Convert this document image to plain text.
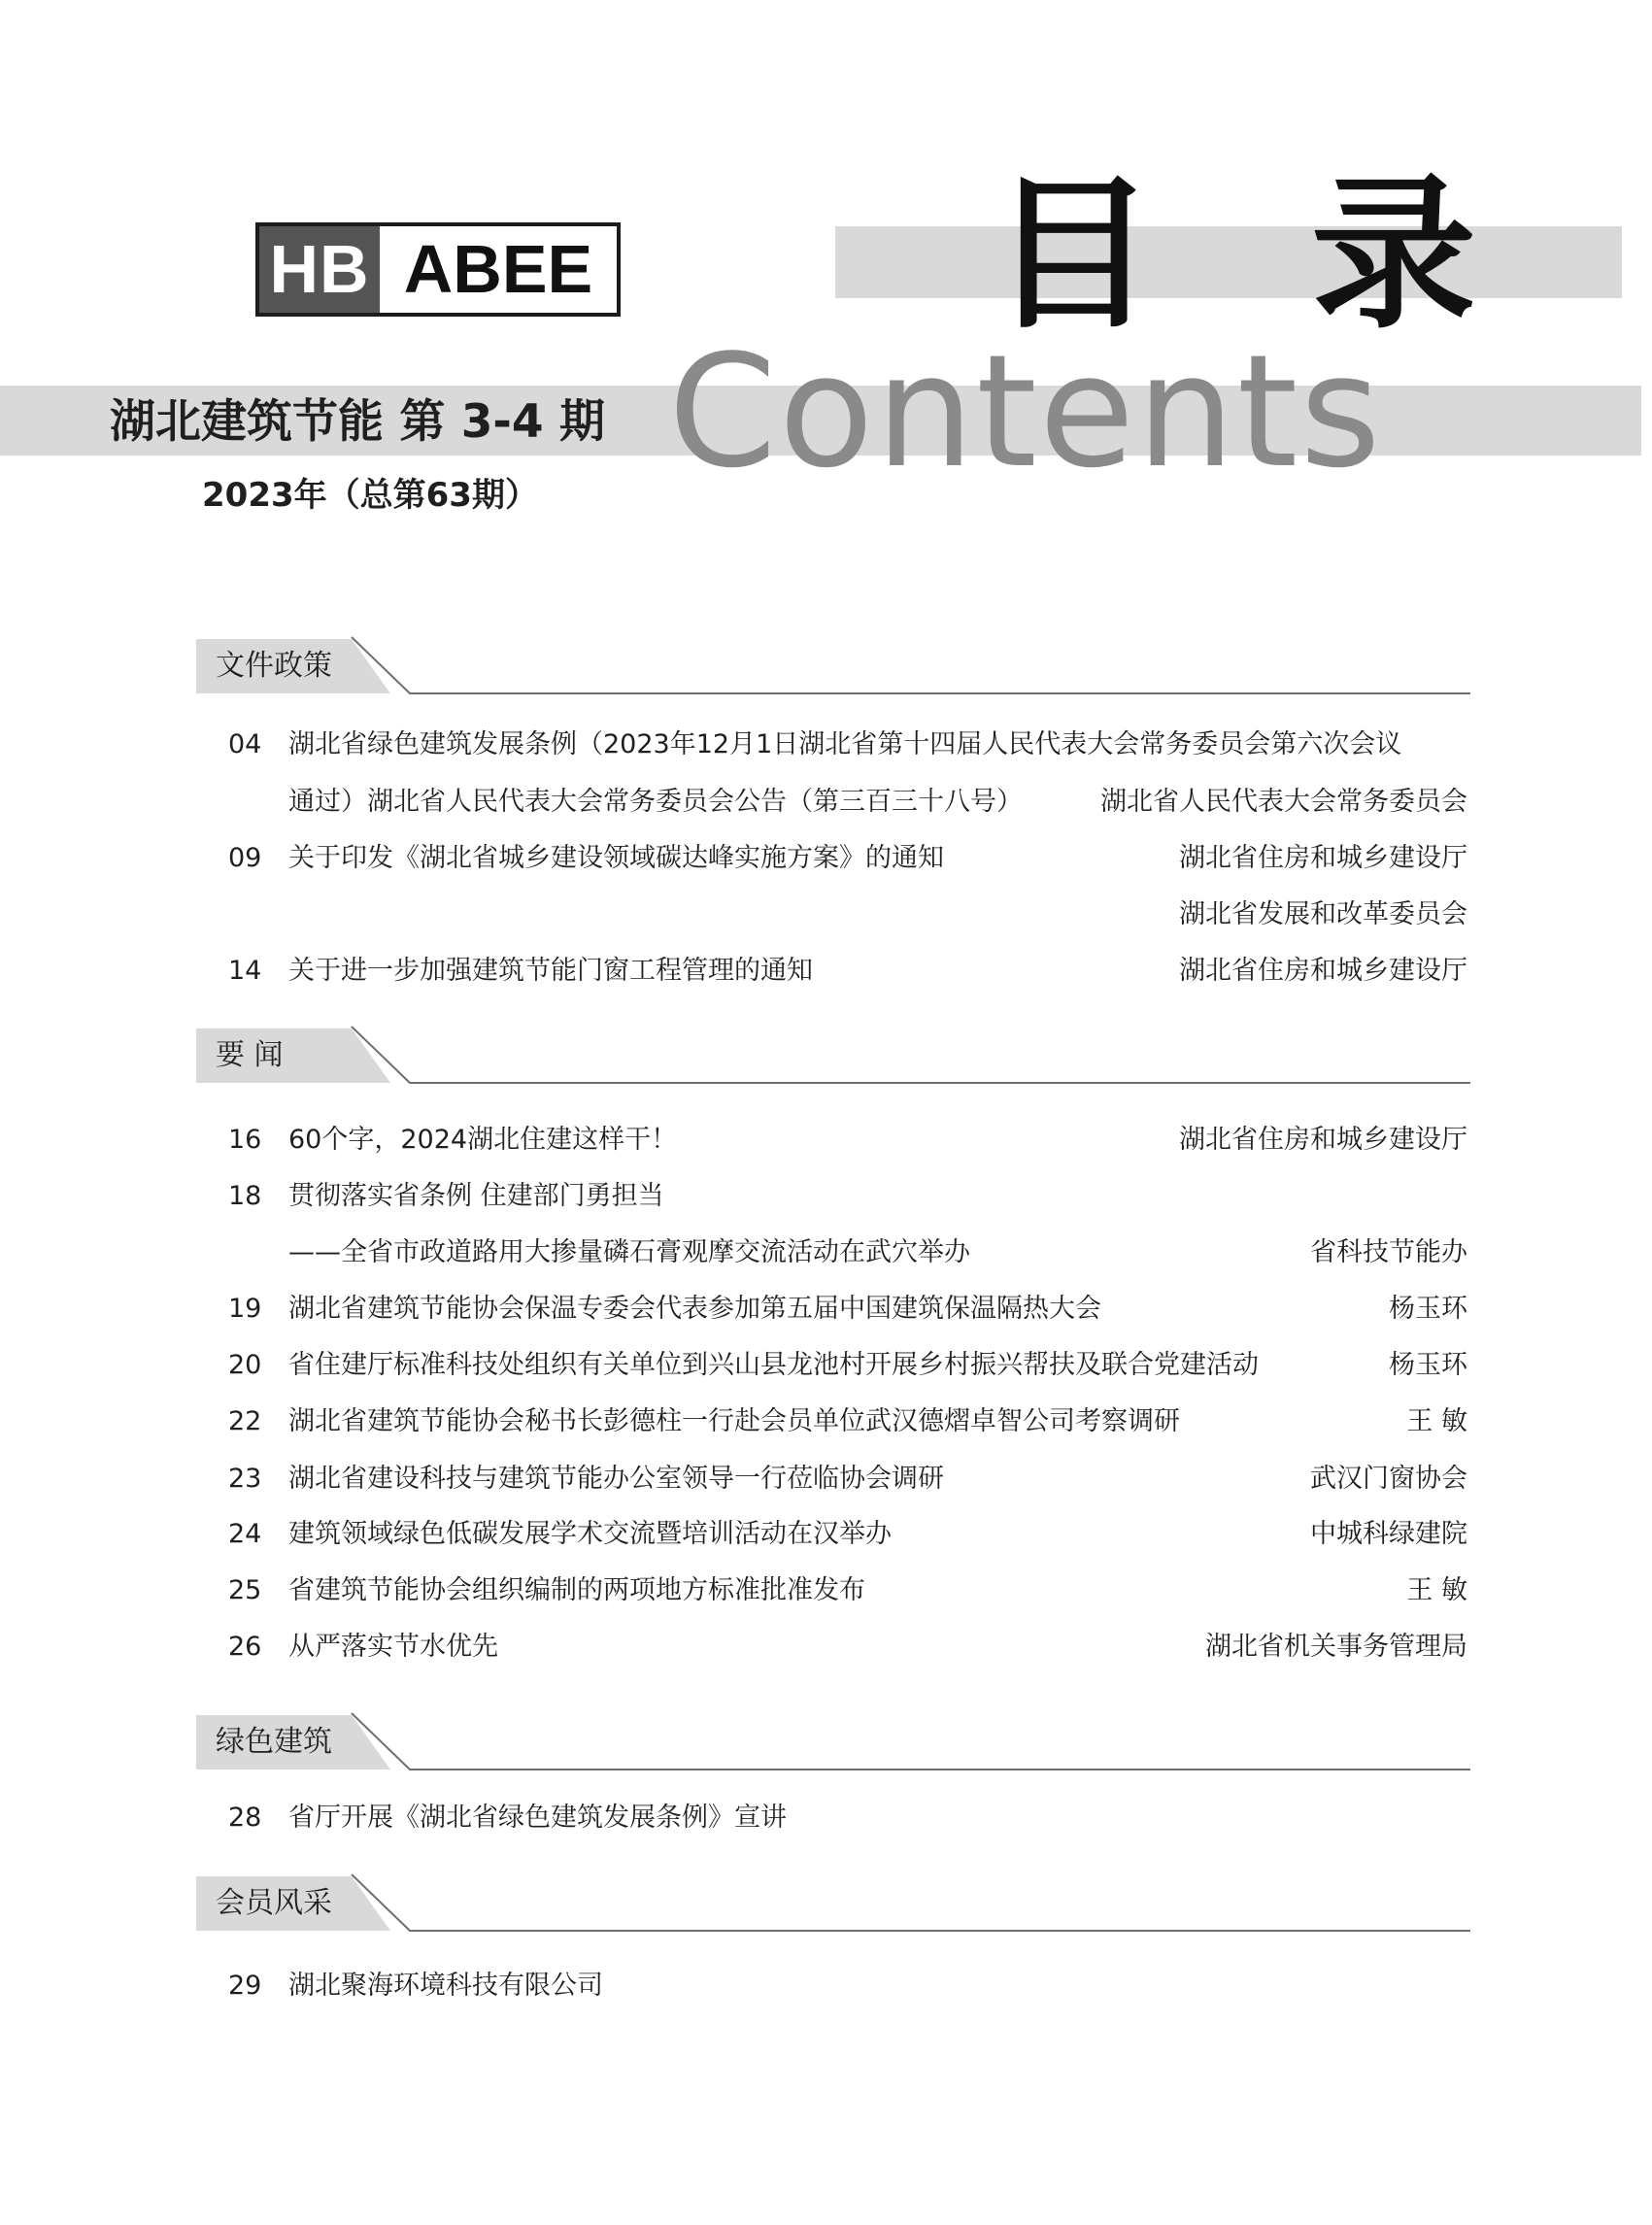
HB ABEE 目 录
Contents
湖北建筑节能 第 3-4 期
2023年（总第63期）
文件政策
04 湖北省绿色建筑发展条例（2023年12月1日湖北省第十四届人民代表大会常务委员会第六次会议
通过）湖北省人民代表大会常务委员会公告（第三百三十八号）	湖北省人民代表大会常务委员会
09 关于印发《湖北省城乡建设领域碳达峰实施方案》的通知	湖北省住房和城乡建设厅
湖北省发展和改革委员会
14 关于进一步加强建筑节能门窗工程管理的通知	湖北省住房和城乡建设厅
要 闻
16 60个字，2024湖北住建这样干！	湖北省住房和城乡建设厅
18 贯彻落实省条例 住建部门勇担当
——全省市政道路用大掺量磷石膏观摩交流活动在武穴举办	省科技节能办
19 湖北省建筑节能协会保温专委会代表参加第五届中国建筑保温隔热大会	杨玉环
20 省住建厅标准科技处组织有关单位到兴山县龙池村开展乡村振兴帮扶及联合党建活动	杨玉环
22 湖北省建筑节能协会秘书长彭德柱一行赴会员单位武汉德熠卓智公司考察调研	王 敏
23 湖北省建设科技与建筑节能办公室领导一行莅临协会调研	武汉门窗协会
24 建筑领域绿色低碳发展学术交流暨培训活动在汉举办	中城科绿建院
25 省建筑节能协会组织编制的两项地方标准批准发布	王 敏
26 从严落实节水优先	湖北省机关事务管理局
绿色建筑
28 省厅开展《湖北省绿色建筑发展条例》宣讲
会员风采
29 湖北聚海环境科技有限公司
